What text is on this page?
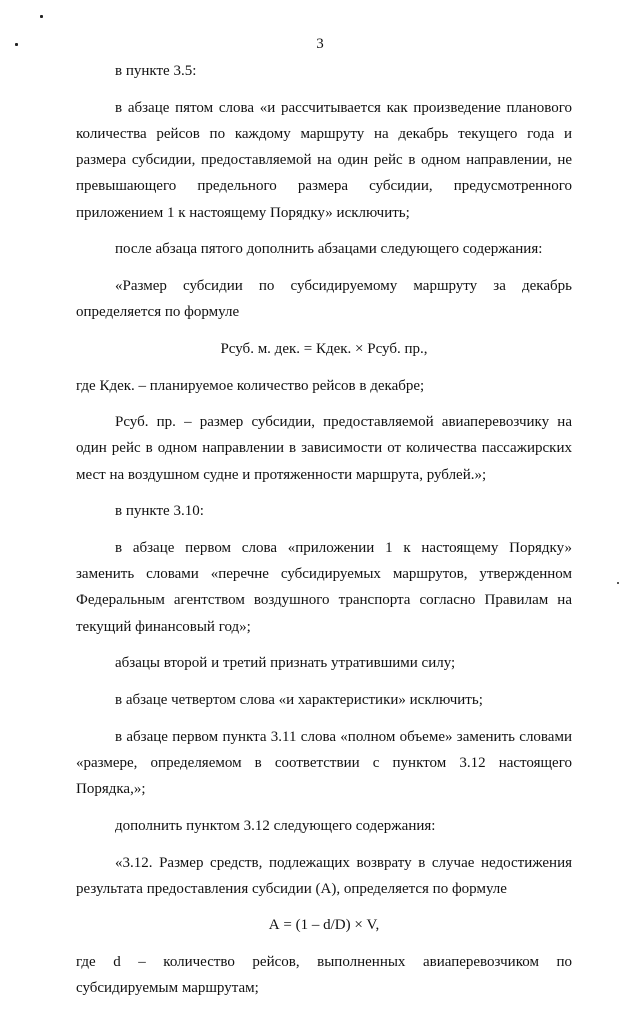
3

в пункте 3.5:

в абзаце пятом слова «и рассчитывается как произведение планового количества рейсов по каждому маршруту на декабрь текущего года и размера субсидии, предоставляемой на один рейс в одном направлении, не превышающего предельного размера субсидии, предусмотренного приложением 1 к настоящему Порядку» исключить;

после абзаца пятого дополнить абзацами следующего содержания:

«Размер субсидии по субсидируемому маршруту за декабрь определяется по формуле

Рсуб. м. дек. = Кдек. × Рсуб. пр.,

где Кдек. – планируемое количество рейсов в декабре;

Рсуб. пр. – размер субсидии, предоставляемой авиаперевозчику на один рейс в одном направлении в зависимости от количества пассажирских мест на воздушном судне и протяженности маршрута, рублей.»;

в пункте 3.10:

в абзаце первом слова «приложении 1 к настоящему Порядку» заменить словами «перечне субсидируемых маршрутов, утвержденном Федеральным агентством воздушного транспорта согласно Правилам на текущий финансовый год»;

абзацы второй и третий признать утратившими силу;

в абзаце четвертом слова «и характеристики» исключить;

в абзаце первом пункта 3.11 слова «полном объеме» заменить словами «размере, определяемом в соответствии с пунктом 3.12 настоящего Порядка,»;

дополнить пунктом 3.12 следующего содержания:

«3.12. Размер средств, подлежащих возврату в случае недостижения результата предоставления субсидии (А), определяется по формуле

А = (1 – d/D) × V,

где d – количество рейсов, выполненных авиаперевозчиком по субсидируемым маршрутам;
